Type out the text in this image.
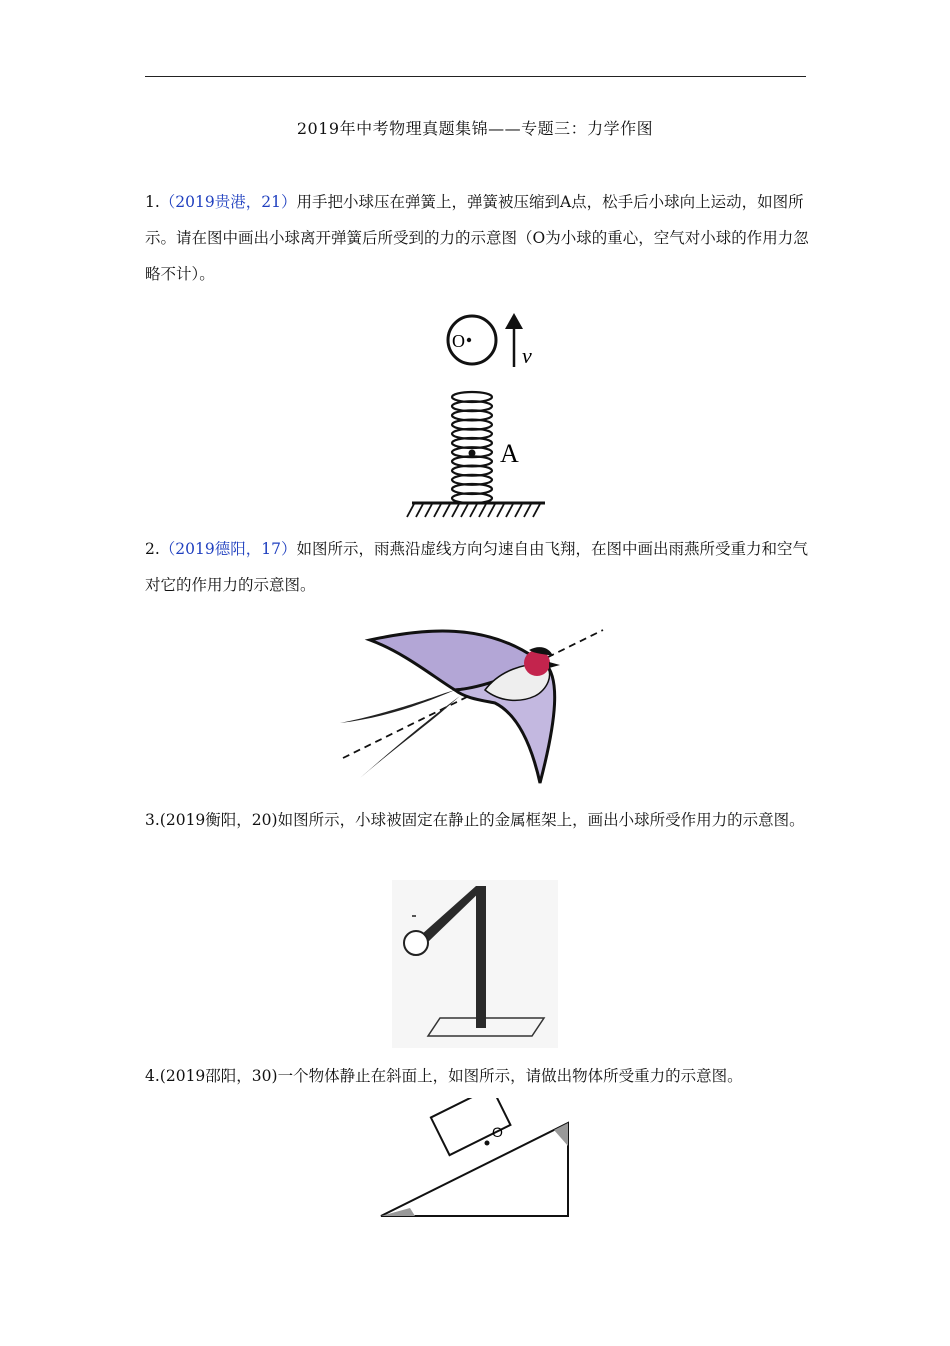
2019年中考物理真题集锦——专题三：力学作图
1.（2019贵港，21）用手把小球压在弹簧上，弹簧被压缩到A点，松手后小球向上运动，如图所示。请在图中画出小球离开弹簧后所受到的力的示意图（O为小球的重心，空气对小球的作用力忽略不计）。
O
v
A
2.（2019德阳，17）如图所示，雨燕沿虚线方向匀速自由飞翔，在图中画出雨燕所受重力和空气对它的作用力的示意图。
3.(2019衡阳，20)如图所示，小球被固定在静止的金属框架上，画出小球所受作用力的示意图。
4.(2019邵阳，30)一个物体静止在斜面上，如图所示，请做出物体所受重力的示意图。
O
